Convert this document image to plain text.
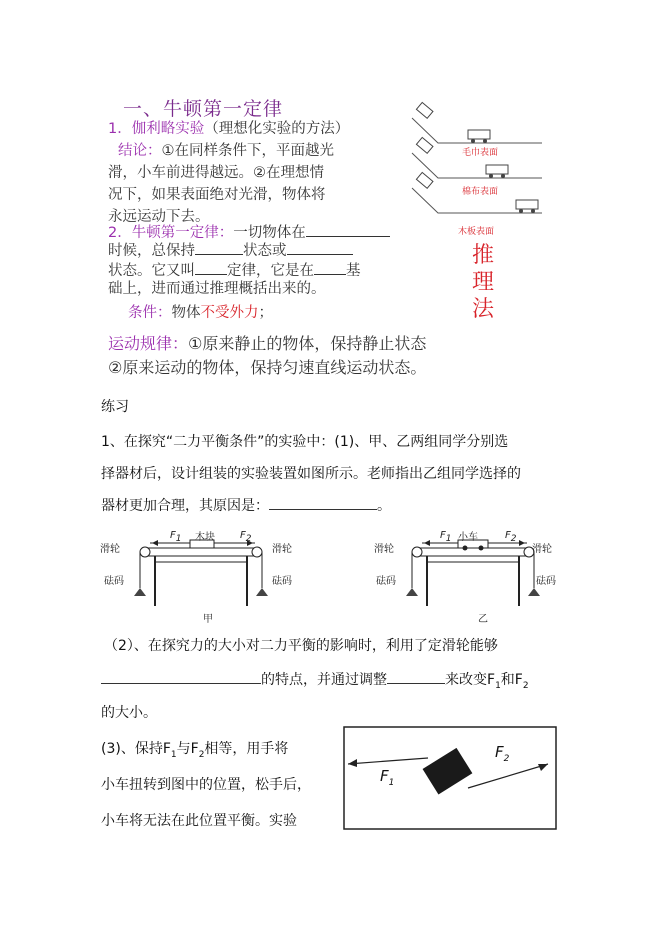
一、牛顿第一定律
1．伽利略实验（理想化实验的方法）
结论：①在同样条件下，平面越光
滑，小车前进得越远。②在理想情
况下，如果表面绝对光滑，物体将
永远运动下去。
2．牛顿第一定律：一切物体在
时候，总保持	状态或
状态。它又叫 定律，它是在 基
础上，进而通过推理概括出来的。
条件：物体不受外力；
运动规律：①原来静止的物体，保持静止状态
②原来运动的物体，保持匀速直线运动状态。
毛巾表面
棉布表面
木板表面
推
理
法
练习
1、在探究“二力平衡条件”的实验中：(1)、甲、乙两组同学分别选
择器材后，设计组装的实验装置如图所示。老师指出乙组同学选择的
器材更加合理，其原因是：	。
滑轮	滑轮
砝码	砝码
木块
$F_1$	$F_2$
甲
滑轮	滑轮
砝码	砝码
小车
$F_1$	$F_2$
乙
（2）、在探究力的大小对二力平衡的影响时，利用了定滑轮能够
的特点，并通过调整	来改变$F_1$和$F_2$
的大小。
(3)、保持$F_1$与$F_2$相等，用手将
小车扭转到图中的位置，松手后，
小车将无法在此位置平衡。实验
$F_1$
$F_2$
